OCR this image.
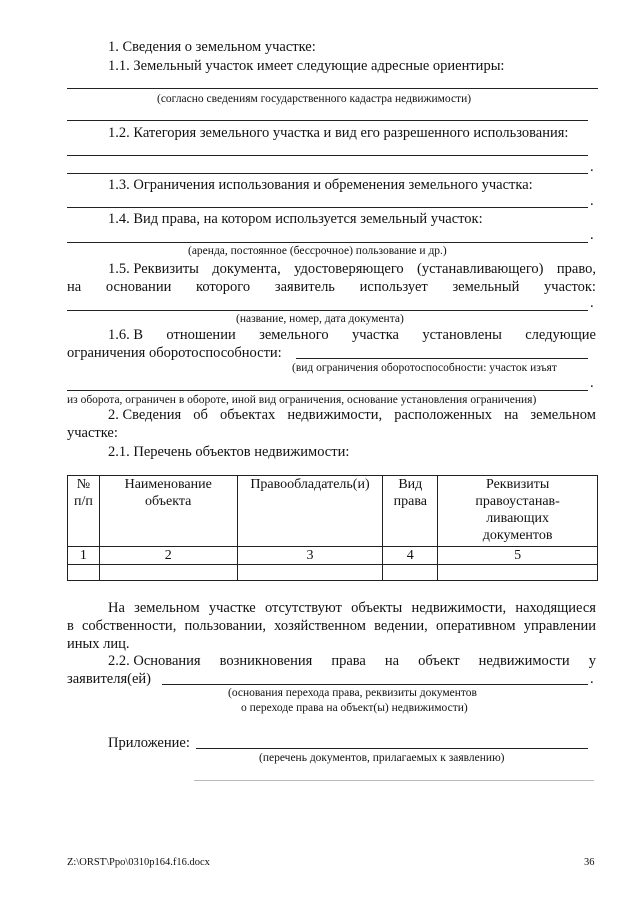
1. Сведения о земельном участке:
1.1. Земельный участок имеет следующие адресные ориентиры:
(согласно сведениям государственного кадастра недвижимости)
1.2. Категория земельного участка и вид его разрешенного использования:
.
1.3. Ограничения использования и обременения земельного участка:
.
1.4. Вид права, на котором используется земельный участок:
.
(аренда, постоянное (бессрочное) пользование и др.)
1.5. Реквизиты документа, удостоверяющего (устанавливающего) право,
на основании которого заявитель использует земельный участок:
.
(название, номер, дата документа)
1.6. В отношении земельного участка установлены следующие
ограничения оборотоспособности:
(вид ограничения оборотоспособности: участок изъят
.
из оборота, ограничен в обороте, иной вид ограничения, основание установления ограничения)
2. Сведения об объектах недвижимости, расположенных на земельном
участке:
2.1. Перечень объектов недвижимости:
№ п/п	Наименование объекта	Правообладатель(и)	Вид права	Реквизиты правоустанав-ливающих документов
1	2	3	4	5

На земельном участке отсутствуют объекты недвижимости, находящиеся
в собственности, пользовании, хозяйственном ведении, оперативном управлении
иных лиц.
2.2. Основания возникновения права на объект недвижимости у
заявителя(ей)	.
(основания перехода права, реквизиты документов
о переходе права на объект(ы) недвижимости)
Приложение:
(перечень документов, прилагаемых к заявлению)
Z:\ORST\Ppo\0310p164.f16.docx	36
